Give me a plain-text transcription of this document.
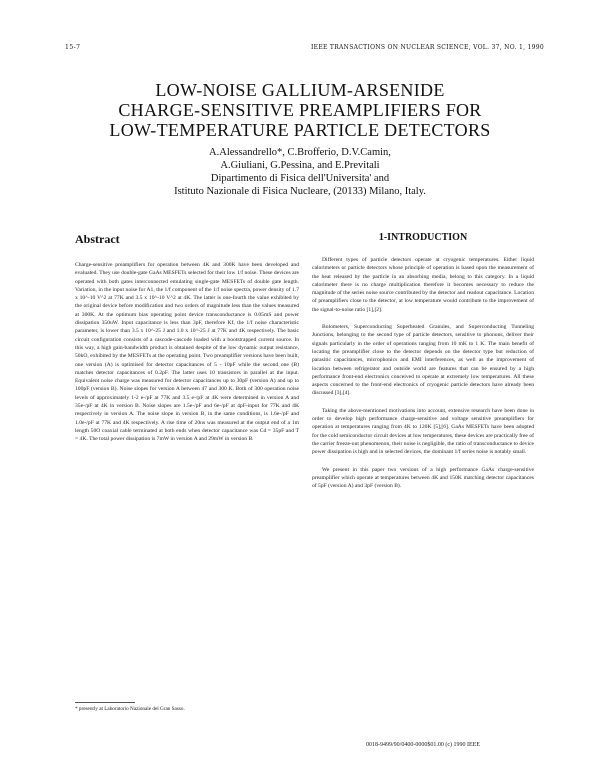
15-7	IEEE TRANSACTIONS ON NUCLEAR SCIENCE, VOL. 37, NO. 1, 1990
LOW-NOISE GALLIUM-ARSENIDE
CHARGE-SENSITIVE PREAMPLIFIERS FOR
LOW-TEMPERATURE PARTICLE DETECTORS
A.Alessandrello*, C.Brofferio, D.V.Camin,
A.Giuliani, G.Pessina, and E.Previtali
Dipartimento di Fisica dell'Universita' and
Istituto Nazionale di Fisica Nucleare, (20133) Milano, Italy.
Abstract

Charge-sensitive preamplifiers for operation between 4K and 300K have been developed and evaluated. They use double-gate GaAs MESFETs selected for their low 1/f noise. These devices are operated with both gates interconnected emulating single-gate MESFETs of double gate length. Variation, in the input noise for A1, the 1/f component of the 1/f noise spectra, power density of 1.7 x 10^-10 V^2 at 77K and 3.5 x 10^-10 V^2 at 4K. The latter is one-fourth the value exhibited by the original device before modification and two orders of magnitude less than the values measured at 300K. At the optimum bias operating point device transconductance is 0.05mS and power dissipation 350uW. Input capacitance is less than 3pF, therefore Kf, the 1/f noise characteristic parameter, is lower than 3.5 x 10^-25 J and 1.0 x 10^-25 J at 77K and 4K respectively. The basic circuit configuration consists of a cascode-cascode loaded with a bootstrapped current source. In this way, a high gain-bandwidth product is obtained despite of the low dynamic output resistance, 50kO, exhibited by the MESFETs at the operating point. Two preamplifier versions have been built, one version (A) is optimised for detector capacitances of 5 - 10pF while the second one (B) matches detector capacitances of 0.2pF. The latter uses 10 transistors in parallel at the input. Equivalent noise charge was measured for detector capacitances up to 30pF (version A) and up to 100pF (version B). Noise slopes for version A between 47 and 300 K. Both of 300 operation noise levels of approximately 1-2 e-/pF at 77K and 3.5 e-/pF at 4K were determined in version A and 35e-/pF at 4K in version B. Noise slopes are 1.5e-/pF and 6e-/pF at 4pF-input for 77K and 4K respectively in version A. The noise slope in version B, in the same conditions, is 1.6e-/pF and 1.0e-/pF at 77K and 4K respectively. A rise time of 20ns was measured at the output end of a 1m length 50O coaxial cable terminated at both ends when detector capacitance was Cd = 35pF and T = 4K. The total power dissipation is 7mW in version A and 29mW in version B.

1-INTRODUCTION

Different types of particle detectors operate at cryogenic temperatures. Either liquid calorimeters or particle detectors whose principle of operation is based upon the measurement of the heat released by the particle in an absorbing media, belong to this category. In a liquid calorimeter there is no charge multiplication therefore it becomes necessary to reduce the magnitude of the series noise source contributed by the detector and readout capacitance. Location of preamplifiers close to the detector, at low temperature would contribute to the improvement of the signal-to-noise ratio [1],[2].

Bolometers, Superconducting Superheated Granules, and Superconducting Tunneling Junctions, belonging to the second type of particle detectors, sensitive to phonons, deliver their signals particularly in the order of operations ranging from 10 mK to 1 K. The main benefit of locating the preamplifier close to the detector depends on the detector type but reduction of parasitic capacitances, microphonics and EMI interferences, as well as the improvement of location between refrigerator and outside world are features that can be ensured by a high performance front-end electronics conceived to operate at extremely low temperatures. All these aspects concerned to the front-end electronics of cryogenic particle detectors have already been discussed [3],[4].

Taking the above-mentioned motivations into account, extensive research have been done in order to develop high performance charge-sensitive and voltage sensitive preamplifiers for operation at temperatures ranging from 4K to 120K [5],[6]. GaAs MESFETs have been adopted for the cold semiconductor circuit devices at low temperatures, these devices are practically free of the carrier freeze-out phenomenon, their noise is negligible, the ratio of transconductance to device power dissipation is high and in selected devices, the dominant 1/f series noise is notably small.

We present in this paper two versions of a high performance GaAs charge-sensitive preamplifier which operate at temperatures between 4K and 150K matching detector capacitances of 5pF (version A) and 3pF (version B).

* presently at Laboratorio Nazionale del Gran Sasso.
0018-9499/90/0400-0000$01.00 (c) 1990 IEEE
